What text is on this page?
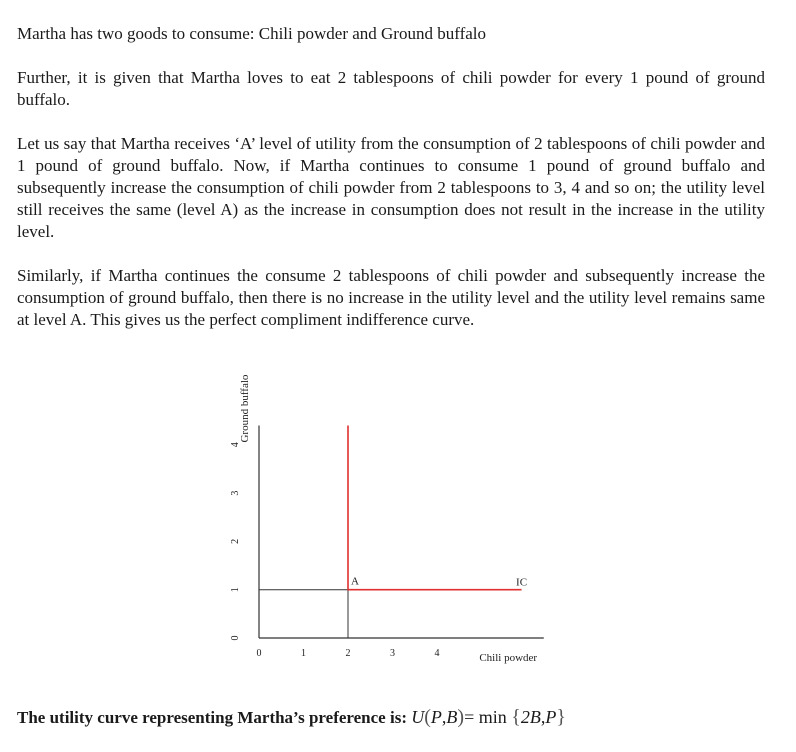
Martha has two goods to consume: Chili powder and Ground buffalo

Further, it is given that Martha loves to eat 2 tablespoons of chili powder for every 1 pound of ground buffalo.

Let us say that Martha receives ‘A’ level of utility from the consumption of 2 tablespoons of chili powder and 1 pound of ground buffalo. Now, if Martha continues to consume 1 pound of ground buffalo and subsequently increase the consumption of chili powder from 2 tablespoons to 3, 4 and so on; the utility level still receives the same (level A) as the increase in consumption does not result in the increase in the utility level.

Similarly, if Martha continues the consume 2 tablespoons of chili powder and subsequently increase the consumption of ground buffalo, then there is no increase in the utility level and the utility level remains same at level A. This gives us the perfect compliment indifference curve.

0	1	2	3	4
0
1
2
3
4
Chili powder
Ground buffalo
A	IC
The utility curve representing Martha’s preference is: U(P,B)= min {2B,P}
